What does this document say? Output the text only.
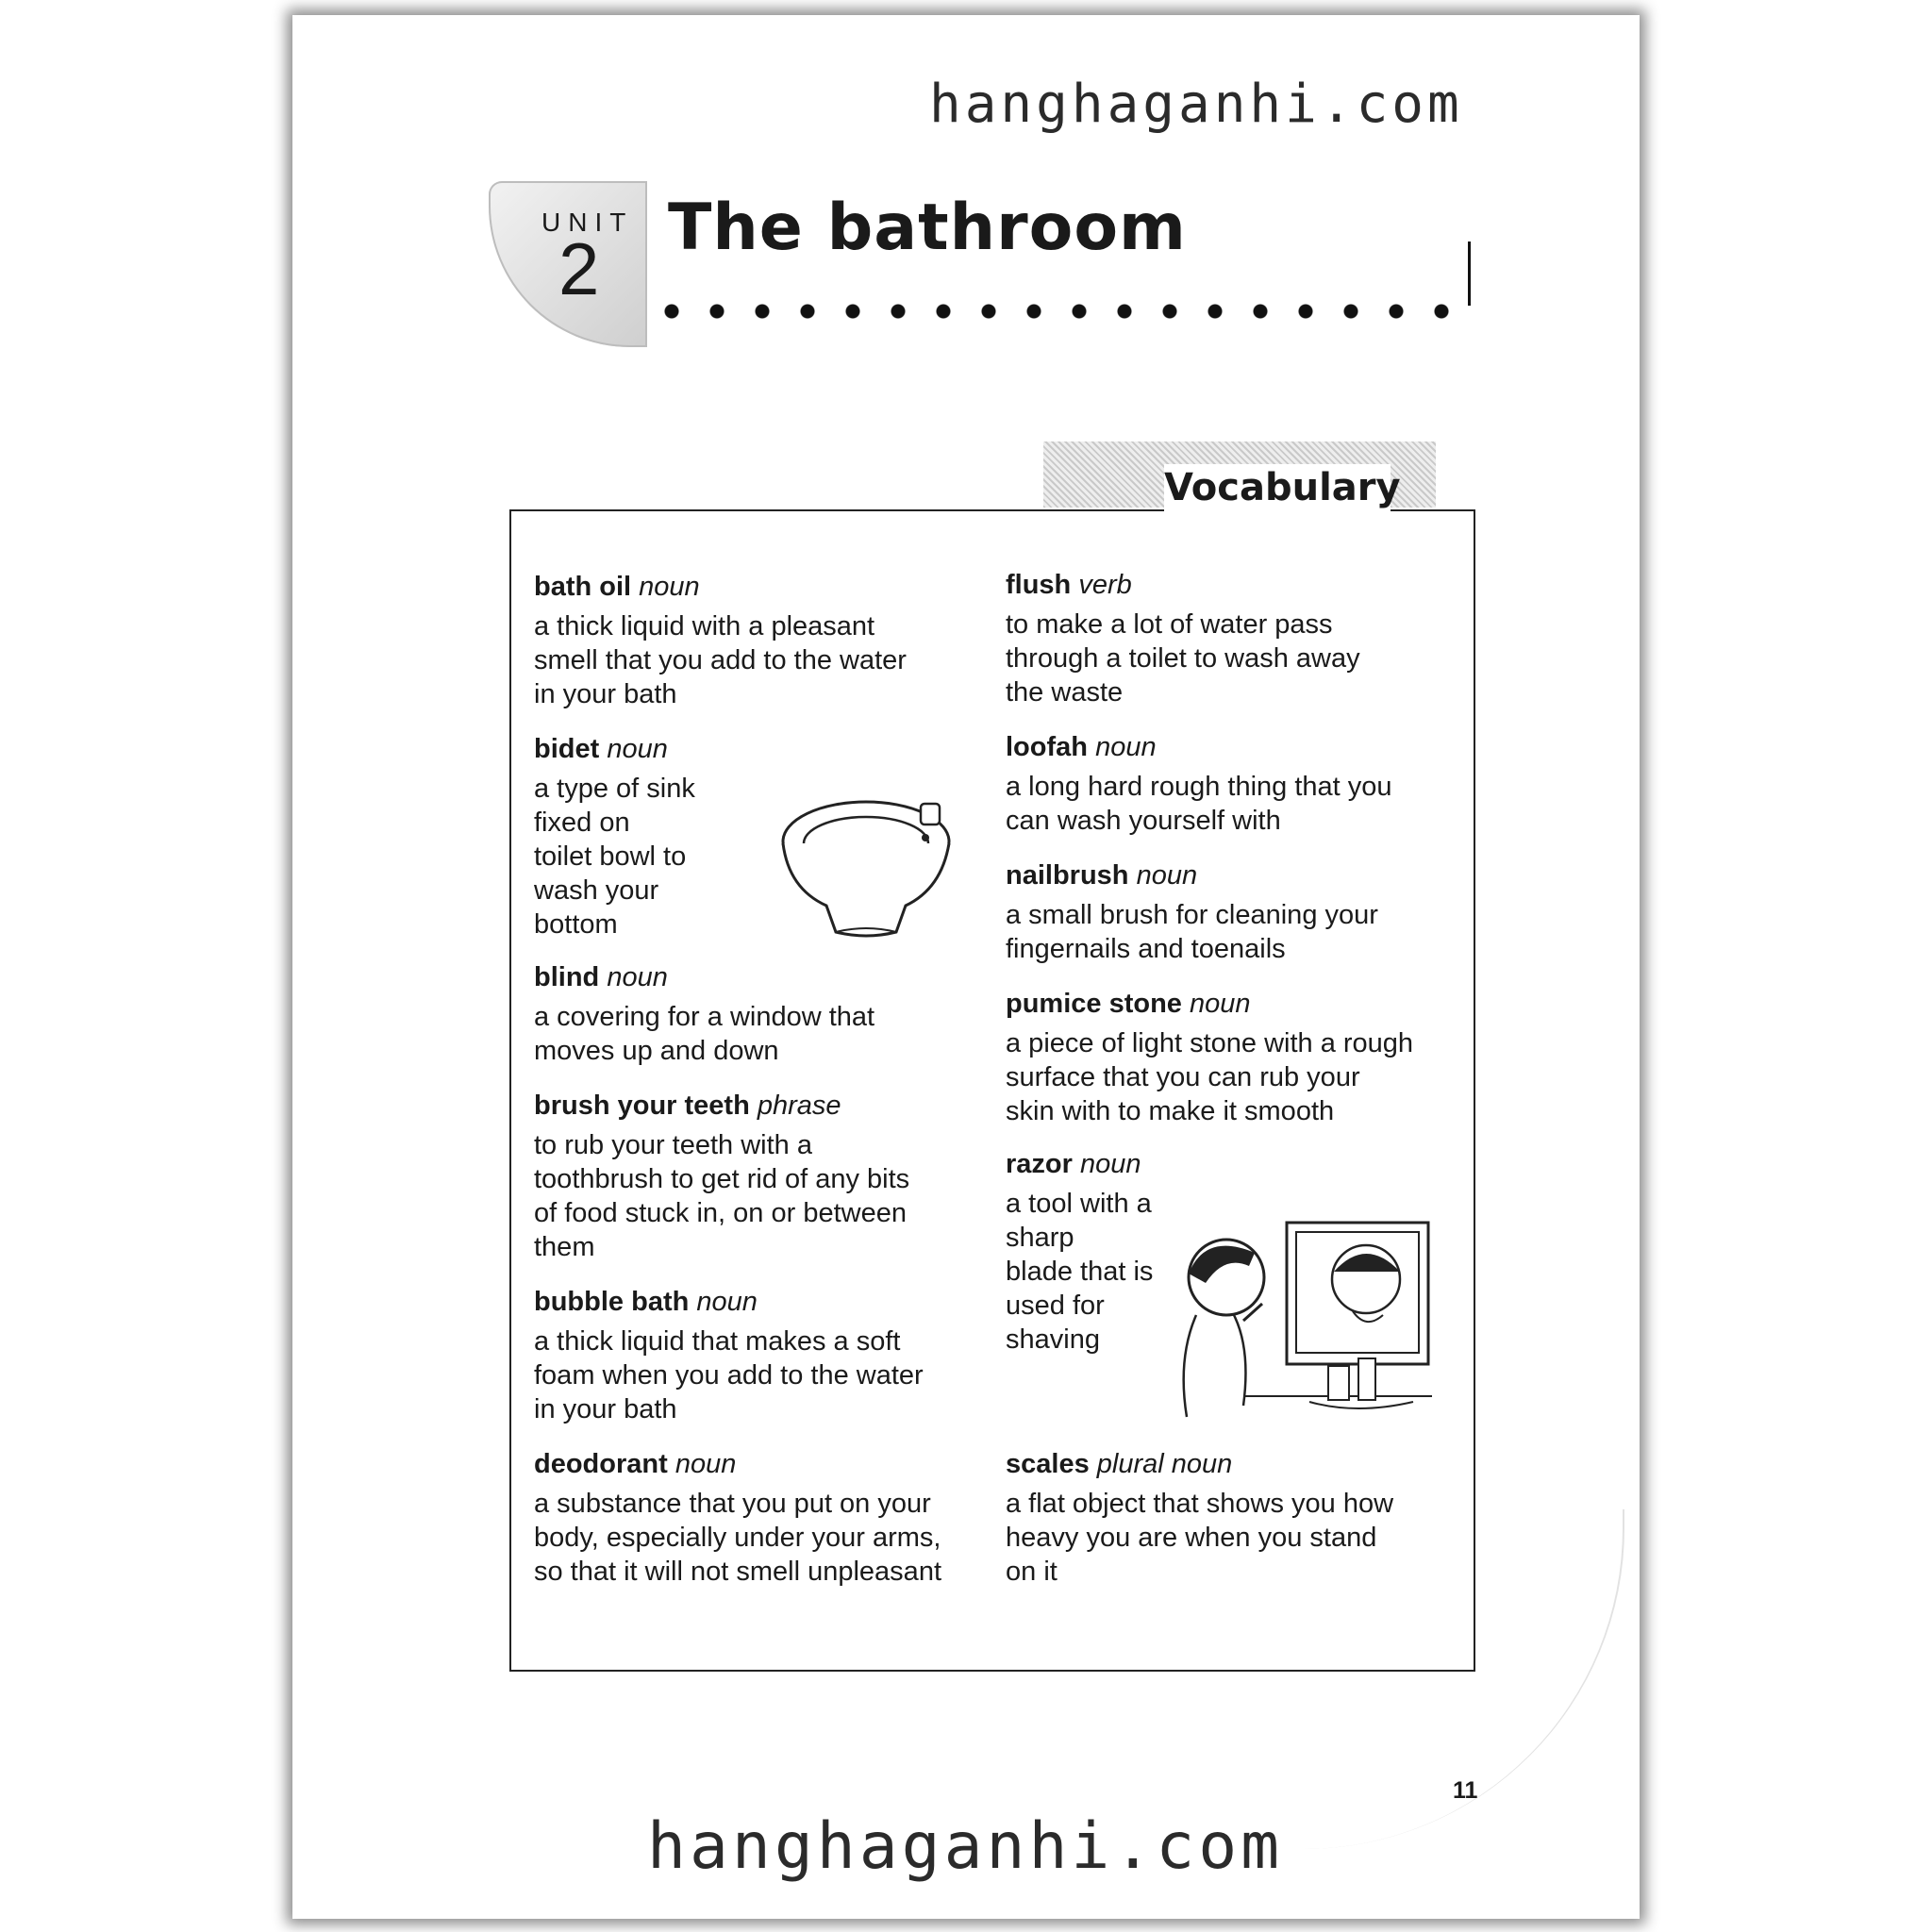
hanghaganhi.com
UNIT
2 The bathroom
Vocabulary
bath oil noun
a thick liquid with a pleasant
smell that you add to the water
in your bath
bidet noun
a type of sink
fixed on
toilet bowl to
wash your
bottom
blind noun
a covering for a window that
moves up and down
brush your teeth phrase
to rub your teeth with a
toothbrush to get rid of any bits
of food stuck in, on or between
them
bubble bath noun
a thick liquid that makes a soft
foam when you add to the water
in your bath
deodorant noun
a substance that you put on your
body, especially under your arms,
so that it will not smell unpleasant
flush verb
to make a lot of water pass
through a toilet to wash away
the waste
loofah noun
a long hard rough thing that you
can wash yourself with
nailbrush noun
a small brush for cleaning your
fingernails and toenails
pumice stone noun
a piece of light stone with a rough
surface that you can rub your
skin with to make it smooth
razor noun
a tool with a sharp
blade that is
used for
shaving
scales plural noun
a flat object that shows you how
heavy you are when you stand
on it
11
hanghaganhi.com
